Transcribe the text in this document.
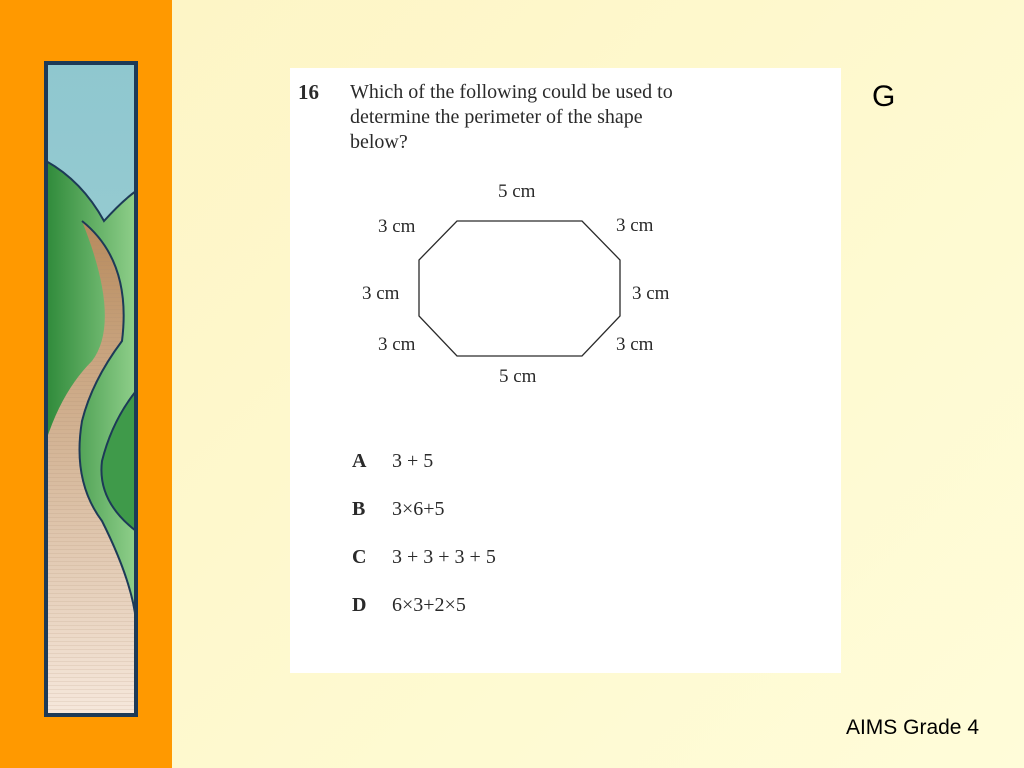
16 Which of the following could be used to
determine the perimeter of the shape
below?
5 cm
3 cm	3 cm
3 cm	3 cm
3 cm	3 cm
5 cm
A	3 + 5
B	3×6+5
C	3 + 3 + 3 + 5
D	6×3+2×5
G
AIMS Grade 4
